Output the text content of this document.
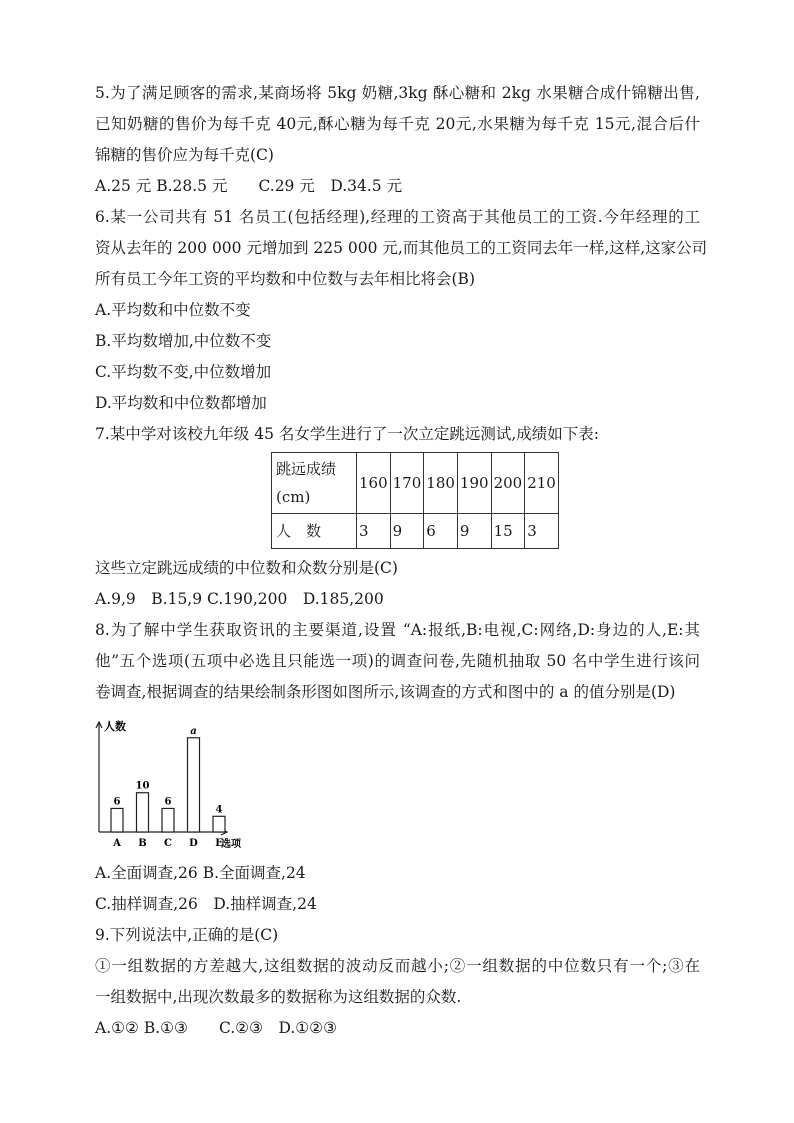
5.为了满足顾客的需求,某商场将 5kg 奶糖,3kg 酥心糖和 2kg 水果糖合成什锦糖出售,

已知奶糖的售价为每千克 40元,酥心糖为每千克 20元,水果糖为每千克 15元,混合后什

锦糖的售价应为每千克(C)

A.25 元 B.28.5 元　　C.29 元　D.34.5 元

6.某一公司共有 51 名员工(包括经理),经理的工资高于其他员工的工资.今年经理的工

资从去年的 200 000 元增加到 225 000 元,而其他员工的工资同去年一样,这样,这家公司

所有员工今年工资的平均数和中位数与去年相比将会(B)

A.平均数和中位数不变

B.平均数增加,中位数不变

C.平均数不变,中位数增加

D.平均数和中位数都增加

7.某中学对该校九年级 45 名女学生进行了一次立定跳远测试,成绩如下表:

跳远成绩
(cm)	160	170	180	190	200	210
人　数	3	9	6	9	15	3

这些立定跳远成绩的中位数和众数分别是(C)

A.9,9　B.15,9 C.190,200　D.185,200

8.为了解中学生获取资讯的主要渠道,设置 “A:报纸,B:电视,C:网络,D:身边的人,E:其

他”五个选项(五项中必选且只能选一项)的调查问卷,先随机抽取 50 名中学生进行该问

卷调查,根据调查的结果绘制条形图如图所示,该调查的方式和图中的 a 的值分别是(D)

人数
选项
6
A
10
B
6
C
a
D
4
E

A.全面调查,26 B.全面调查,24

C.抽样调查,26　D.抽样调查,24

9.下列说法中,正确的是(C)

①一组数据的方差越大,这组数据的波动反而越小;②一组数据的中位数只有一个;③在

一组数据中,出现次数最多的数据称为这组数据的众数.

A.①② B.①③　　C.②③　D.①②③
